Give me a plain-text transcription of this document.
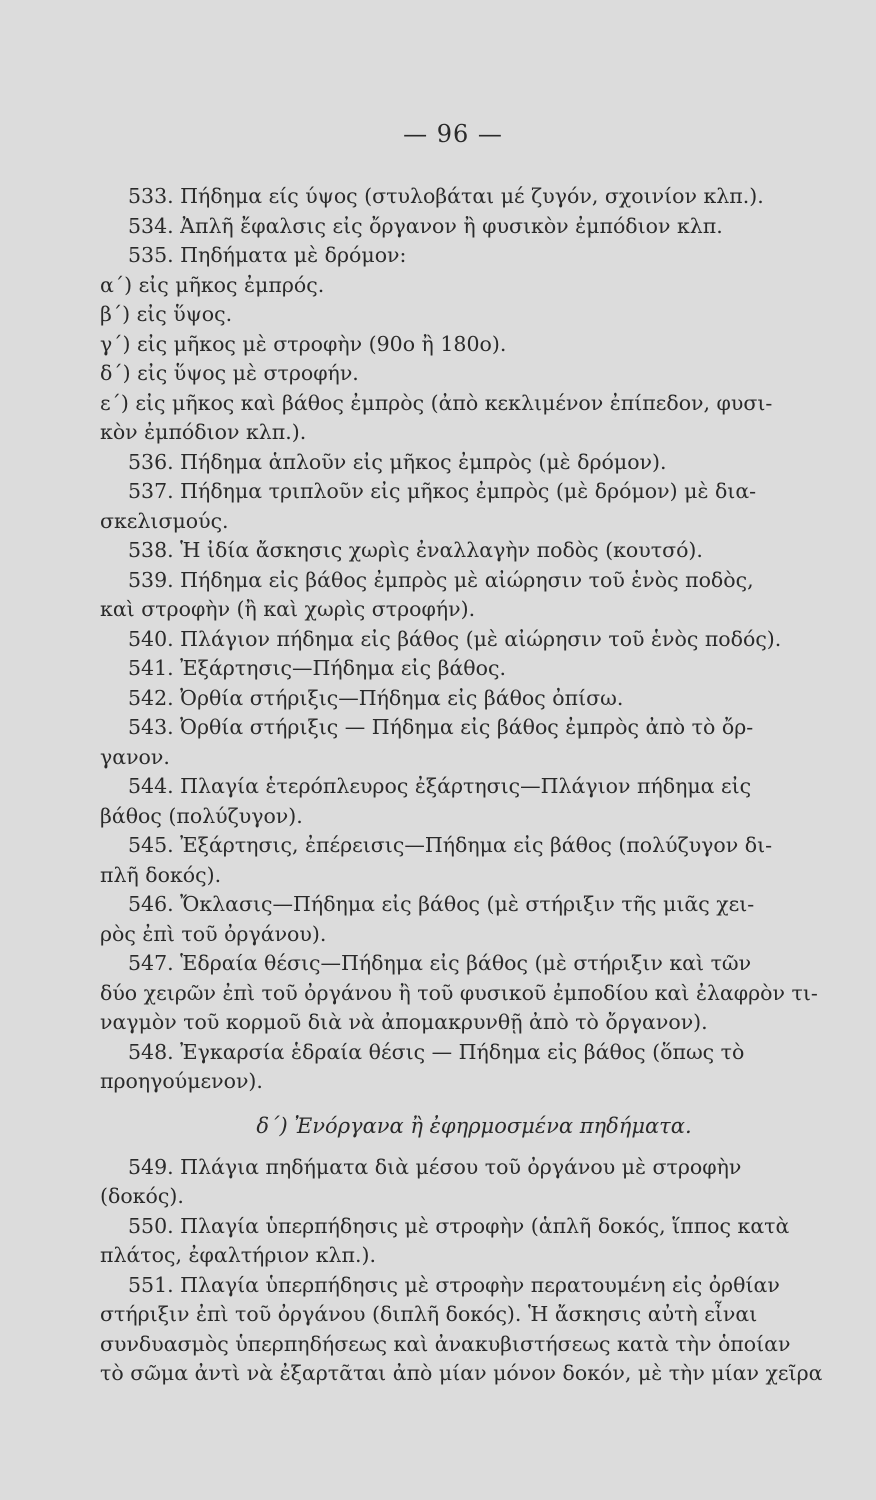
— 96 —
533. Πήδημα είς ύψος (στυλοβάται μέ ζυγόν, σχοινίον κλπ.).
534. Ἀπλῆ ἔφαλσις εἰς ὄργανον ἢ φυσικὸν ἐμπόδιον κλπ.
535. Πηδήματα μὲ δρόμον:
α΄) εἰς μῆκος ἐμπρός.
β΄) εἰς ὕψος.
γ΄) εἰς μῆκος μὲ στροφὴν (90ο ἢ 180ο).
δ΄) εἰς ὕψος μὲ στροφήν.
ε΄) εἰς μῆκος καὶ βάθος ἐμπρὸς (ἀπὸ κεκλιμένον ἐπίπεδον, φυσι-
κὸν ἐμπόδιον κλπ.).
536. Πήδημα ἁπλοῦν εἰς μῆκος ἐμπρὸς (μὲ δρόμον).
537. Πήδημα τριπλοῦν εἰς μῆκος ἐμπρὸς (μὲ δρόμον) μὲ δια-
σκελισμούς.
538. Ἡ ἰδία ἄσκησις χωρὶς ἐναλλαγὴν ποδὸς (κουτσό).
539. Πήδημα εἰς βάθος ἐμπρὸς μὲ αἰώρησιν τοῦ ἑνὸς ποδὸς,
καὶ στροφὴν (ἢ καὶ χωρὶς στροφήν).
540. Πλάγιον πήδημα εἰς βάθος (μὲ αἰώρησιν τοῦ ἑνὸς ποδός).
541. Ἐξάρτησις—Πήδημα εἰς βάθος.
542. Ὀρθία στήριξις—Πήδημα εἰς βάθος ὀπίσω.
543. Ὀρθία στήριξις — Πήδημα εἰς βάθος ἐμπρὸς ἀπὸ τὸ ὄρ-
γανον.
544. Πλαγία ἑτερόπλευρος ἐξάρτησις—Πλάγιον πήδημα εἰς
βάθος (πολύζυγον).
545. Ἐξάρτησις, ἐπέρεισις—Πήδημα εἰς βάθος (πολύζυγον δι-
πλῆ δοκός).
546. Ὄκλασις—Πήδημα εἰς βάθος (μὲ στήριξιν τῆς μιᾶς χει-
ρὸς ἐπὶ τοῦ ὀργάνου).
547. Ἑδραία θέσις—Πήδημα εἰς βάθος (μὲ στήριξιν καὶ τῶν
δύο χειρῶν ἐπὶ τοῦ ὀργάνου ἢ τοῦ φυσικοῦ ἐμποδίου καὶ ἐλαφρὸν τι-
ναγμὸν τοῦ κορμοῦ διὰ νὰ ἀπομακρυνθῇ ἀπὸ τὸ ὄργανον).
548. Ἐγκαρσία ἑδραία θέσις — Πήδημα εἰς βάθος (ὅπως τὸ
προηγούμενον).
δ΄) Ἐνόργανα ἢ ἐφηρμοσμένα πηδήματα.
549. Πλάγια πηδήματα διὰ μέσου τοῦ ὀργάνου μὲ στροφὴν
(δοκός).
550. Πλαγία ὑπερπήδησις μὲ στροφὴν (ἁπλῆ δοκός, ἵππος κατὰ
πλάτος, ἐφαλτήριον κλπ.).
551. Πλαγία ὑπερπήδησις μὲ στροφὴν περατουμένη εἰς ὀρθίαν
στήριξιν ἐπὶ τοῦ ὀργάνου (διπλῆ δοκός). Ἡ ἄσκησις αὐτὴ εἶναι
συνδυασμὸς ὑπερπηδήσεως καὶ ἀνακυβιστήσεως κατὰ τὴν ὁποίαν
τὸ σῶμα ἀντὶ νὰ ἐξαρτᾶται ἀπὸ μίαν μόνον δοκόν, μὲ τὴν μίαν χεῖρα
